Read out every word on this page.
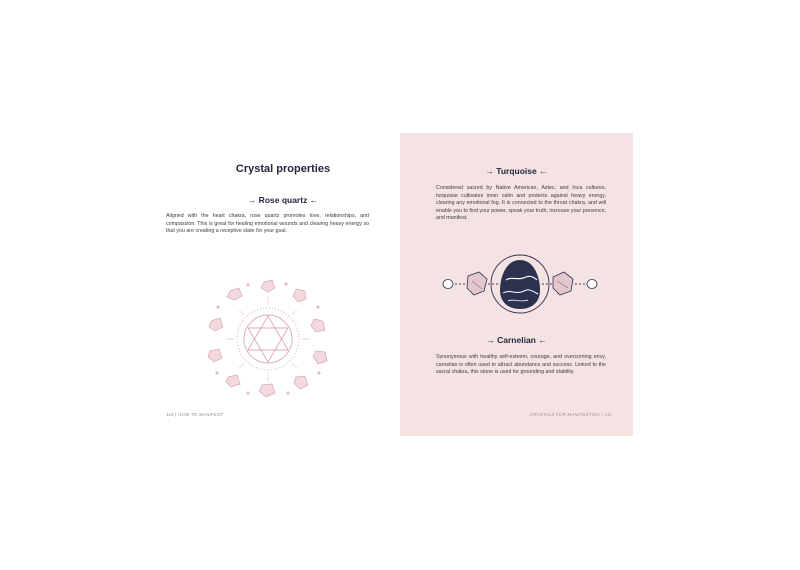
Crystal properties
→ Rose quartz ←
Aligned with the heart chakra, rose quartz promotes love, relationships, and compassion. This is great for healing emotional wounds and clearing heavy energy so that you are creating a receptive state for your goal.
110 | HOW TO MANIFEST
→ Turquoise ←
Considered sacred by Native American, Aztec, and Inca cultures, turquoise cultivates inner calm and protects against heavy energy, clearing any emotional fog. It is connected to the throat chakra, and will enable you to find your power, speak your truth, increase your presence, and manifest.
→ Carnelian ←
Synonymous with healthy self-esteem, courage, and overcoming envy, carnelian is often used to attract abundance and success. Linked to the sacral chakra, this stone is used for grounding and stability.
CRYSTALS FOR MANIFESTING | 111
